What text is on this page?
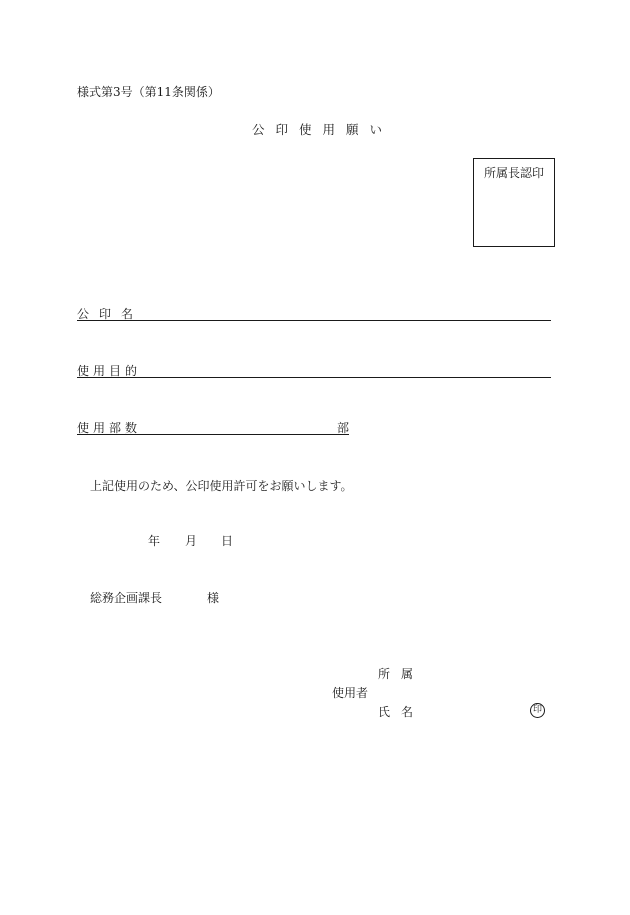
様式第3号（第11条関係）
公印使用願い
所属長認印
公印名
使用目的
使用部数	部
上記使用のため、公印使用許可をお願いします。
年 月 日
総務企画課長	様
使用者
所属
氏名	印
